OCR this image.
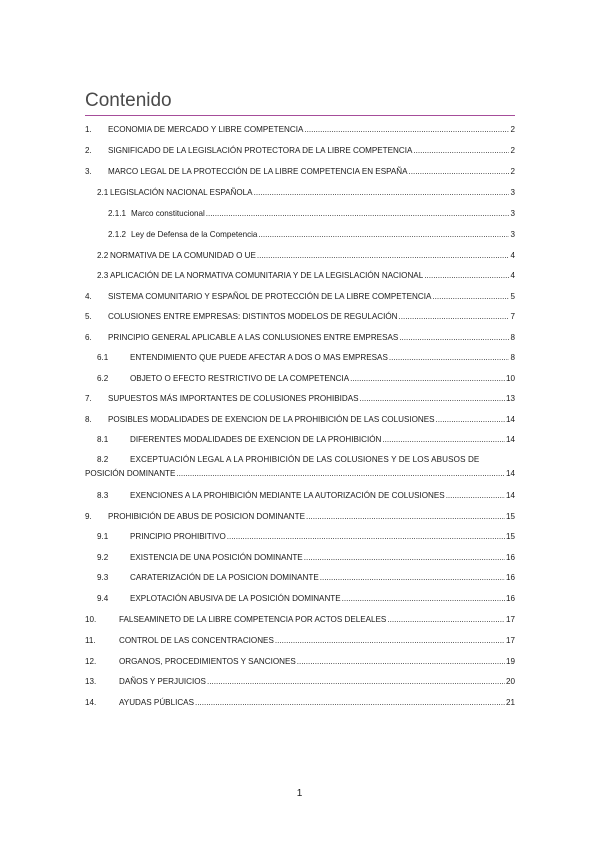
Contenido
1.	ECONOMIA DE MERCADO Y LIBRE COMPETENCIA .....	2
2.	SIGNIFICADO DE LA LEGISLACIÓN PROTECTORA DE LA LIBRE COMPETENCIA .....	2
3.	MARCO LEGAL DE LA PROTECCIÓN DE LA LIBRE COMPETENCIA EN ESPAÑA .....	2
2.1 LEGISLACIÓN NACIONAL ESPAÑOLA .....	3
2.1.1 Marco constitucional .....	3
2.1.2 Ley de Defensa de la Competencia .....	3
2.2 NORMATIVA DE LA COMUNIDAD O UE .....	4
2.3 APLICACIÓN DE LA NORMATIVA COMUNITARIA Y DE LA LEGISLACIÓN NACIONAL .....	4
4.	SISTEMA COMUNITARIO Y ESPAÑOL DE PROTECCIÓN DE LA LIBRE COMPETENCIA .....	5
5.	COLUSIONES ENTRE EMPRESAS: DISTINTOS MODELOS DE REGULACIÓN .....	7
6.	PRINCIPIO GENERAL APLICABLE A LAS CONLUSIONES ENTRE EMPRESAS .....	8
6.1	ENTENDIMIENTO QUE PUEDE AFECTAR A DOS O MAS EMPRESAS .....	8
6.2	OBJETO O EFECTO RESTRICTIVO DE LA COMPETENCIA .....	10
7.	SUPUESTOS MÁS IMPORTANTES DE COLUSIONES PROHIBIDAS .....	13
8.	POSIBLES MODALIDADES DE EXENCION DE LA PROHIBICIÓN DE LAS COLUSIONES .....	14
8.1	DIFERENTES MODALIDADES DE EXENCION DE LA PROHIBICIÓN .....	14
8.2	EXCEPTUACIÓN LEGAL A LA PROHIBICIÓN DE LAS COLUSIONES Y DE LOS ABUSOS DE
POSICIÓN DOMINANTE .....	14
8.3	EXENCIONES A LA PROHIBICIÓN MEDIANTE LA AUTORIZACIÓN DE COLUSIONES .....	14
9.	PROHIBICIÓN DE ABUS DE POSICION DOMINANTE .....	15
9.1	PRINCIPIO PROHIBITIVO .....	15
9.2	EXISTENCIA DE UNA POSICIÓN DOMINANTE .....	16
9.3	CARATERIZACIÓN DE LA POSICION DOMINANTE .....	16
9.4	EXPLOTACIÓN ABUSIVA DE LA POSICIÓN DOMINANTE .....	16
10.	FALSEAMINETO DE LA LIBRE COMPETENCIA POR ACTOS DELEALES .....	17
11.	CONTROL DE LAS CONCENTRACIONES .....	17
12.	ORGANOS, PROCEDIMIENTOS Y SANCIONES .....	19
13.	DAÑOS Y PERJUICIOS .....	20
14.	AYUDAS PÚBLICAS .....	21
1
